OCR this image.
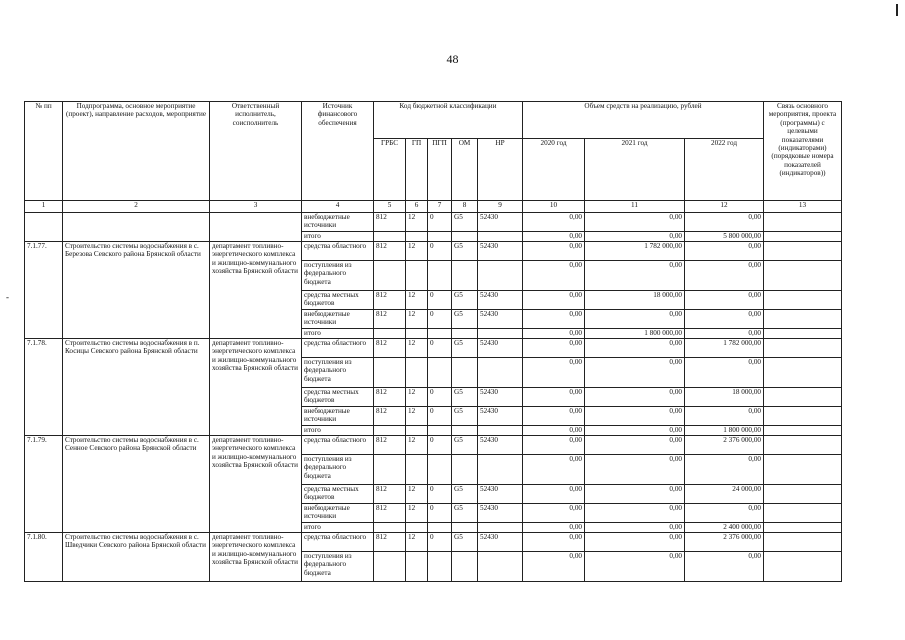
-
48
№ пп	Подпрограмма, основное мероприятие (проект), направление расходов, мероприятие	Ответственный исполнитель, соисполнитель	Источник финансового обеспечения	Код бюджетной классификации					Объем средств на реализацию, рублей			Связь основного мероприятия, проекта (программы) с целевыми показателями (индикаторами) (порядковые номера показателей (индикаторов))
				ГРБС	ГП	ПГП	ОМ	НР	2020 год	2021 год	2022 год	
1	2	3	4	5	6	7	8	9	10	11	12	13
			внебюджетные источники	812	12	0	G5	52430	0,00	0,00	0,00	
			итого						0,00	0,00	5 800 000,00	
7.1.77.	Строительство системы водоснабжения в с. Березова Севского района Брянской области	департамент топливно-энергетического комплекса и жилищно-коммунального хозяйства Брянской области	средства областного	812	12	0	G5	52430	0,00	1 782 000,00	0,00	
			поступления из федерального бюджета						0,00	0,00	0,00	
			средства местных бюджетов	812	12	0	G5	52430	0,00	18 000,00	0,00	
			внебюджетные источники	812	12	0	G5	52430	0,00	0,00	0,00	
			итого						0,00	1 800 000,00	0,00	
7.1.78.	Строительство системы водоснабжения в п. Косицы Севского района Брянской области	департамент топливно-энергетического комплекса и жилищно-коммунального хозяйства Брянской области	средства областного	812	12	0	G5	52430	0,00	0,00	1 782 000,00	
			поступления из федерального бюджета						0,00	0,00	0,00	
			средства местных бюджетов	812	12	0	G5	52430	0,00	0,00	18 000,00	
			внебюджетные источники	812	12	0	G5	52430	0,00	0,00	0,00	
			итого						0,00	0,00	1 800 000,00	
7.1.79.	Строительство системы водоснабжения в с. Сенное Севского района Брянской области	департамент топливно-энергетического комплекса и жилищно-коммунального хозяйства Брянской области	средства областного	812	12	0	G5	52430	0,00	0,00	2 376 000,00	
			поступления из федерального бюджета						0,00	0,00	0,00	
			средства местных бюджетов	812	12	0	G5	52430	0,00	0,00	24 000,00	
			внебюджетные источники	812	12	0	G5	52430	0,00	0,00	0,00	
			итого						0,00	0,00	2 400 000,00	
7.1.80.	Строительство системы водоснабжения в с. Шведчики Севского района Брянской области	департамент топливно-энергетического комплекса и жилищно-коммунального хозяйства Брянской области	средства областного	812	12	0	G5	52430	0,00	0,00	2 376 000,00	
			поступления из федерального бюджета						0,00	0,00	0,00	
